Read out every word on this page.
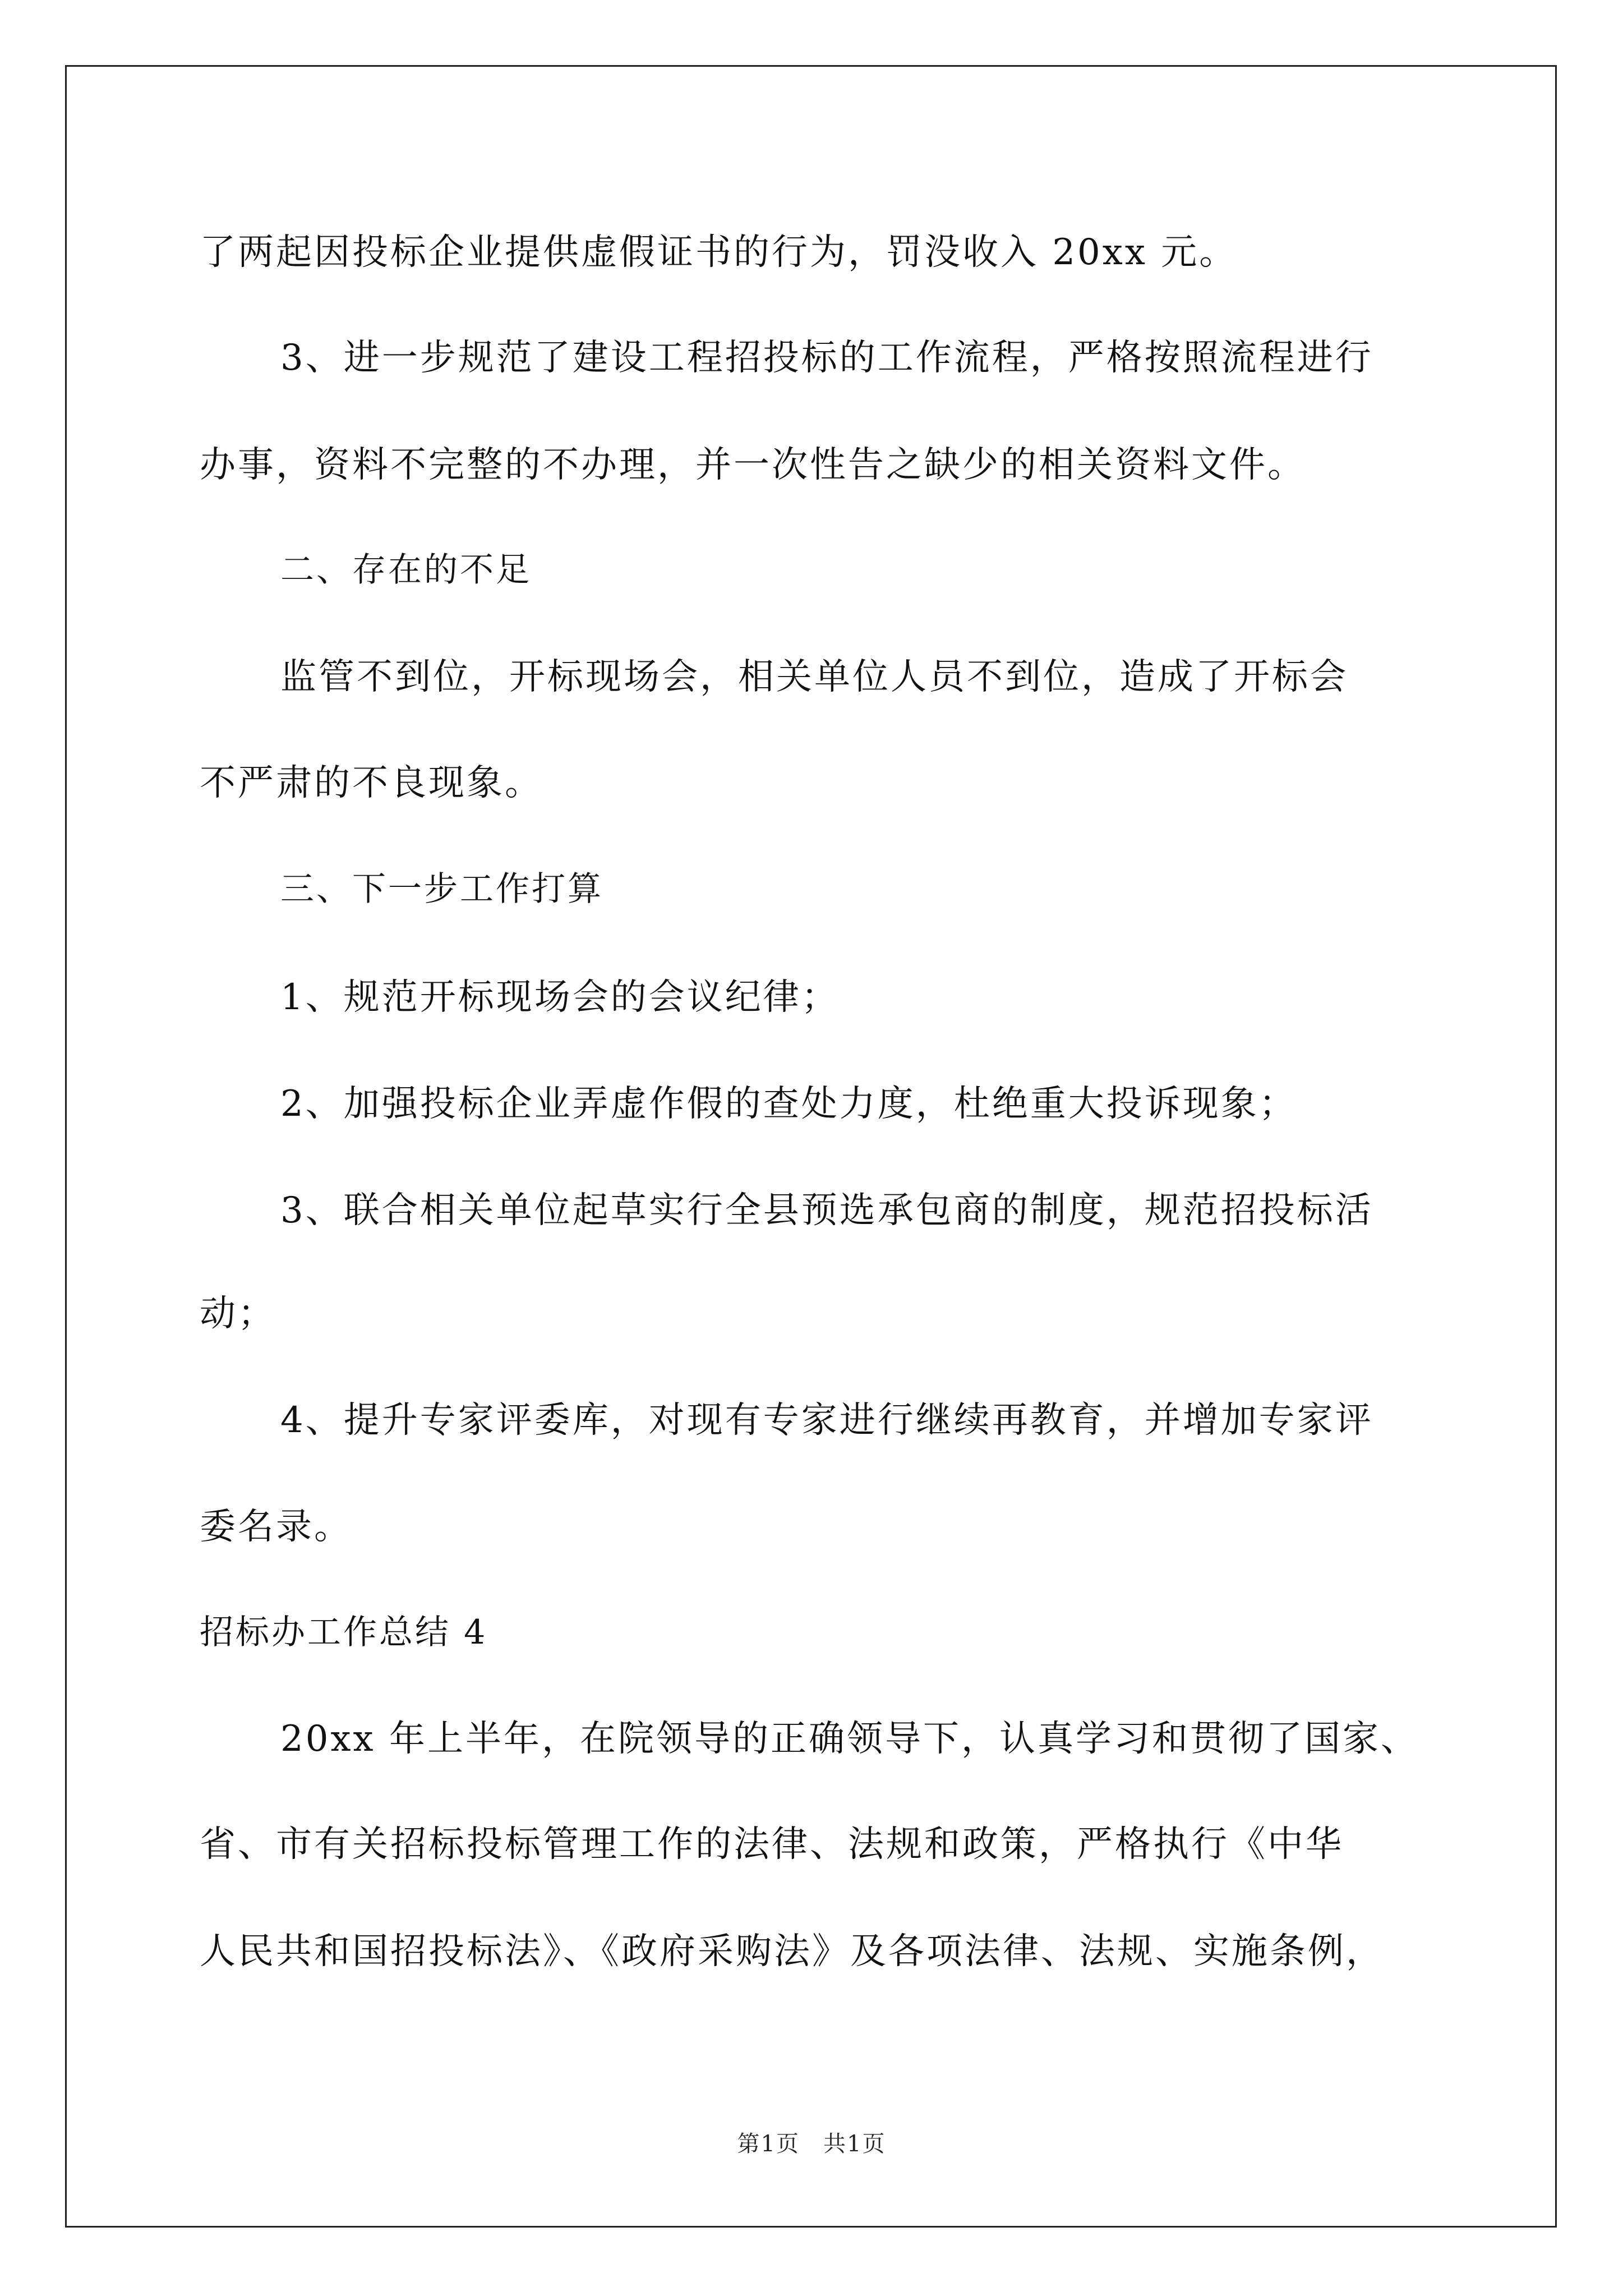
了两起因投标企业提供虚假证书的行为，罚没收入 20xx 元。
3、进一步规范了建设工程招投标的工作流程，严格按照流程进行
办事，资料不完整的不办理，并一次性告之缺少的相关资料文件。
二、存在的不足
监管不到位，开标现场会，相关单位人员不到位，造成了开标会
不严肃的不良现象。
三、下一步工作打算
1、规范开标现场会的会议纪律；
2、加强投标企业弄虚作假的查处力度，杜绝重大投诉现象；
3、联合相关单位起草实行全县预选承包商的制度，规范招投标活
动；
4、提升专家评委库，对现有专家进行继续再教育，并增加专家评
委名录。
招标办工作总结 4
20xx 年上半年，在院领导的正确领导下，认真学习和贯彻了国家、
省、市有关招标投标管理工作的法律、法规和政策，严格执行《中华
人民共和国招投标法》、《政府采购法》及各项法律、法规、实施条例，
第1页　共1页
